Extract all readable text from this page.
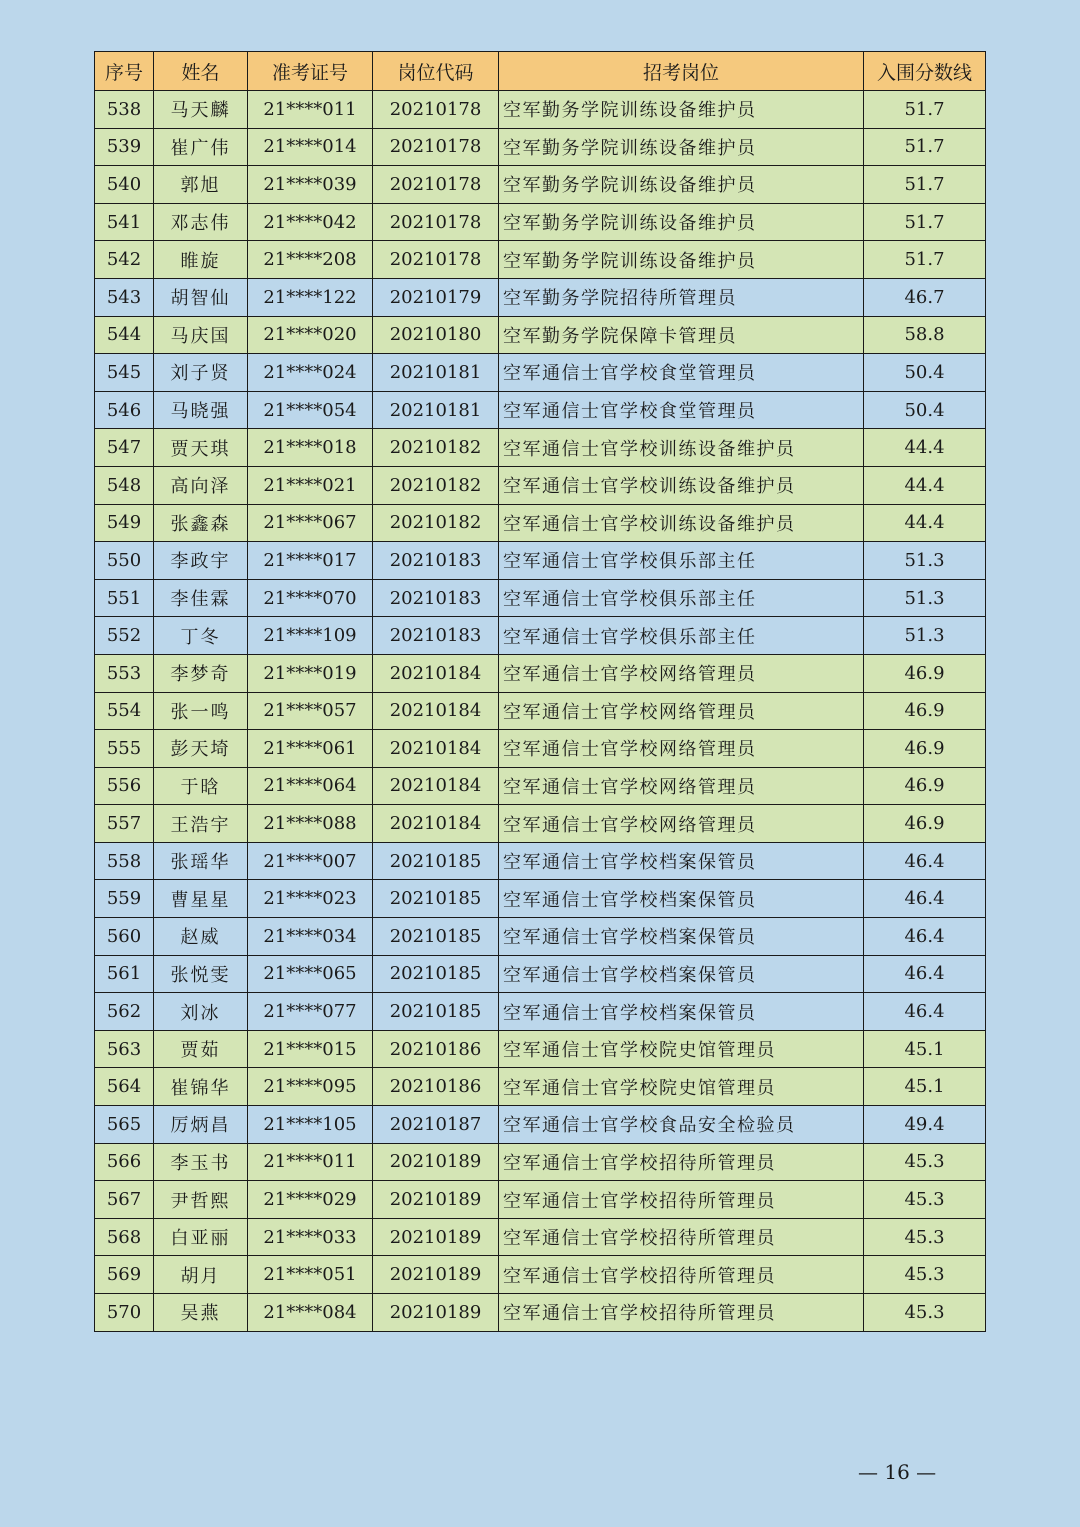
序号	姓名	准考证号	岗位代码	招考岗位	入围分数线
538	马天麟	21****011	20210178	空军勤务学院训练设备维护员	51.7
539	崔广伟	21****014	20210178	空军勤务学院训练设备维护员	51.7
540	郭旭	21****039	20210178	空军勤务学院训练设备维护员	51.7
541	邓志伟	21****042	20210178	空军勤务学院训练设备维护员	51.7
542	睢旋	21****208	20210178	空军勤务学院训练设备维护员	51.7
543	胡智仙	21****122	20210179	空军勤务学院招待所管理员	46.7
544	马庆国	21****020	20210180	空军勤务学院保障卡管理员	58.8
545	刘子贤	21****024	20210181	空军通信士官学校食堂管理员	50.4
546	马晓强	21****054	20210181	空军通信士官学校食堂管理员	50.4
547	贾天琪	21****018	20210182	空军通信士官学校训练设备维护员	44.4
548	高向泽	21****021	20210182	空军通信士官学校训练设备维护员	44.4
549	张鑫森	21****067	20210182	空军通信士官学校训练设备维护员	44.4
550	李政宇	21****017	20210183	空军通信士官学校俱乐部主任	51.3
551	李佳霖	21****070	20210183	空军通信士官学校俱乐部主任	51.3
552	丁冬	21****109	20210183	空军通信士官学校俱乐部主任	51.3
553	李梦奇	21****019	20210184	空军通信士官学校网络管理员	46.9
554	张一鸣	21****057	20210184	空军通信士官学校网络管理员	46.9
555	彭天埼	21****061	20210184	空军通信士官学校网络管理员	46.9
556	于晗	21****064	20210184	空军通信士官学校网络管理员	46.9
557	王浩宇	21****088	20210184	空军通信士官学校网络管理员	46.9
558	张瑶华	21****007	20210185	空军通信士官学校档案保管员	46.4
559	曹星星	21****023	20210185	空军通信士官学校档案保管员	46.4
560	赵威	21****034	20210185	空军通信士官学校档案保管员	46.4
561	张悦雯	21****065	20210185	空军通信士官学校档案保管员	46.4
562	刘冰	21****077	20210185	空军通信士官学校档案保管员	46.4
563	贾茹	21****015	20210186	空军通信士官学校院史馆管理员	45.1
564	崔锦华	21****095	20210186	空军通信士官学校院史馆管理员	45.1
565	厉炳昌	21****105	20210187	空军通信士官学校食品安全检验员	49.4
566	李玉书	21****011	20210189	空军通信士官学校招待所管理员	45.3
567	尹哲熙	21****029	20210189	空军通信士官学校招待所管理员	45.3
568	白亚丽	21****033	20210189	空军通信士官学校招待所管理员	45.3
569	胡月	21****051	20210189	空军通信士官学校招待所管理员	45.3
570	吴燕	21****084	20210189	空军通信士官学校招待所管理员	45.3
— 16 —
